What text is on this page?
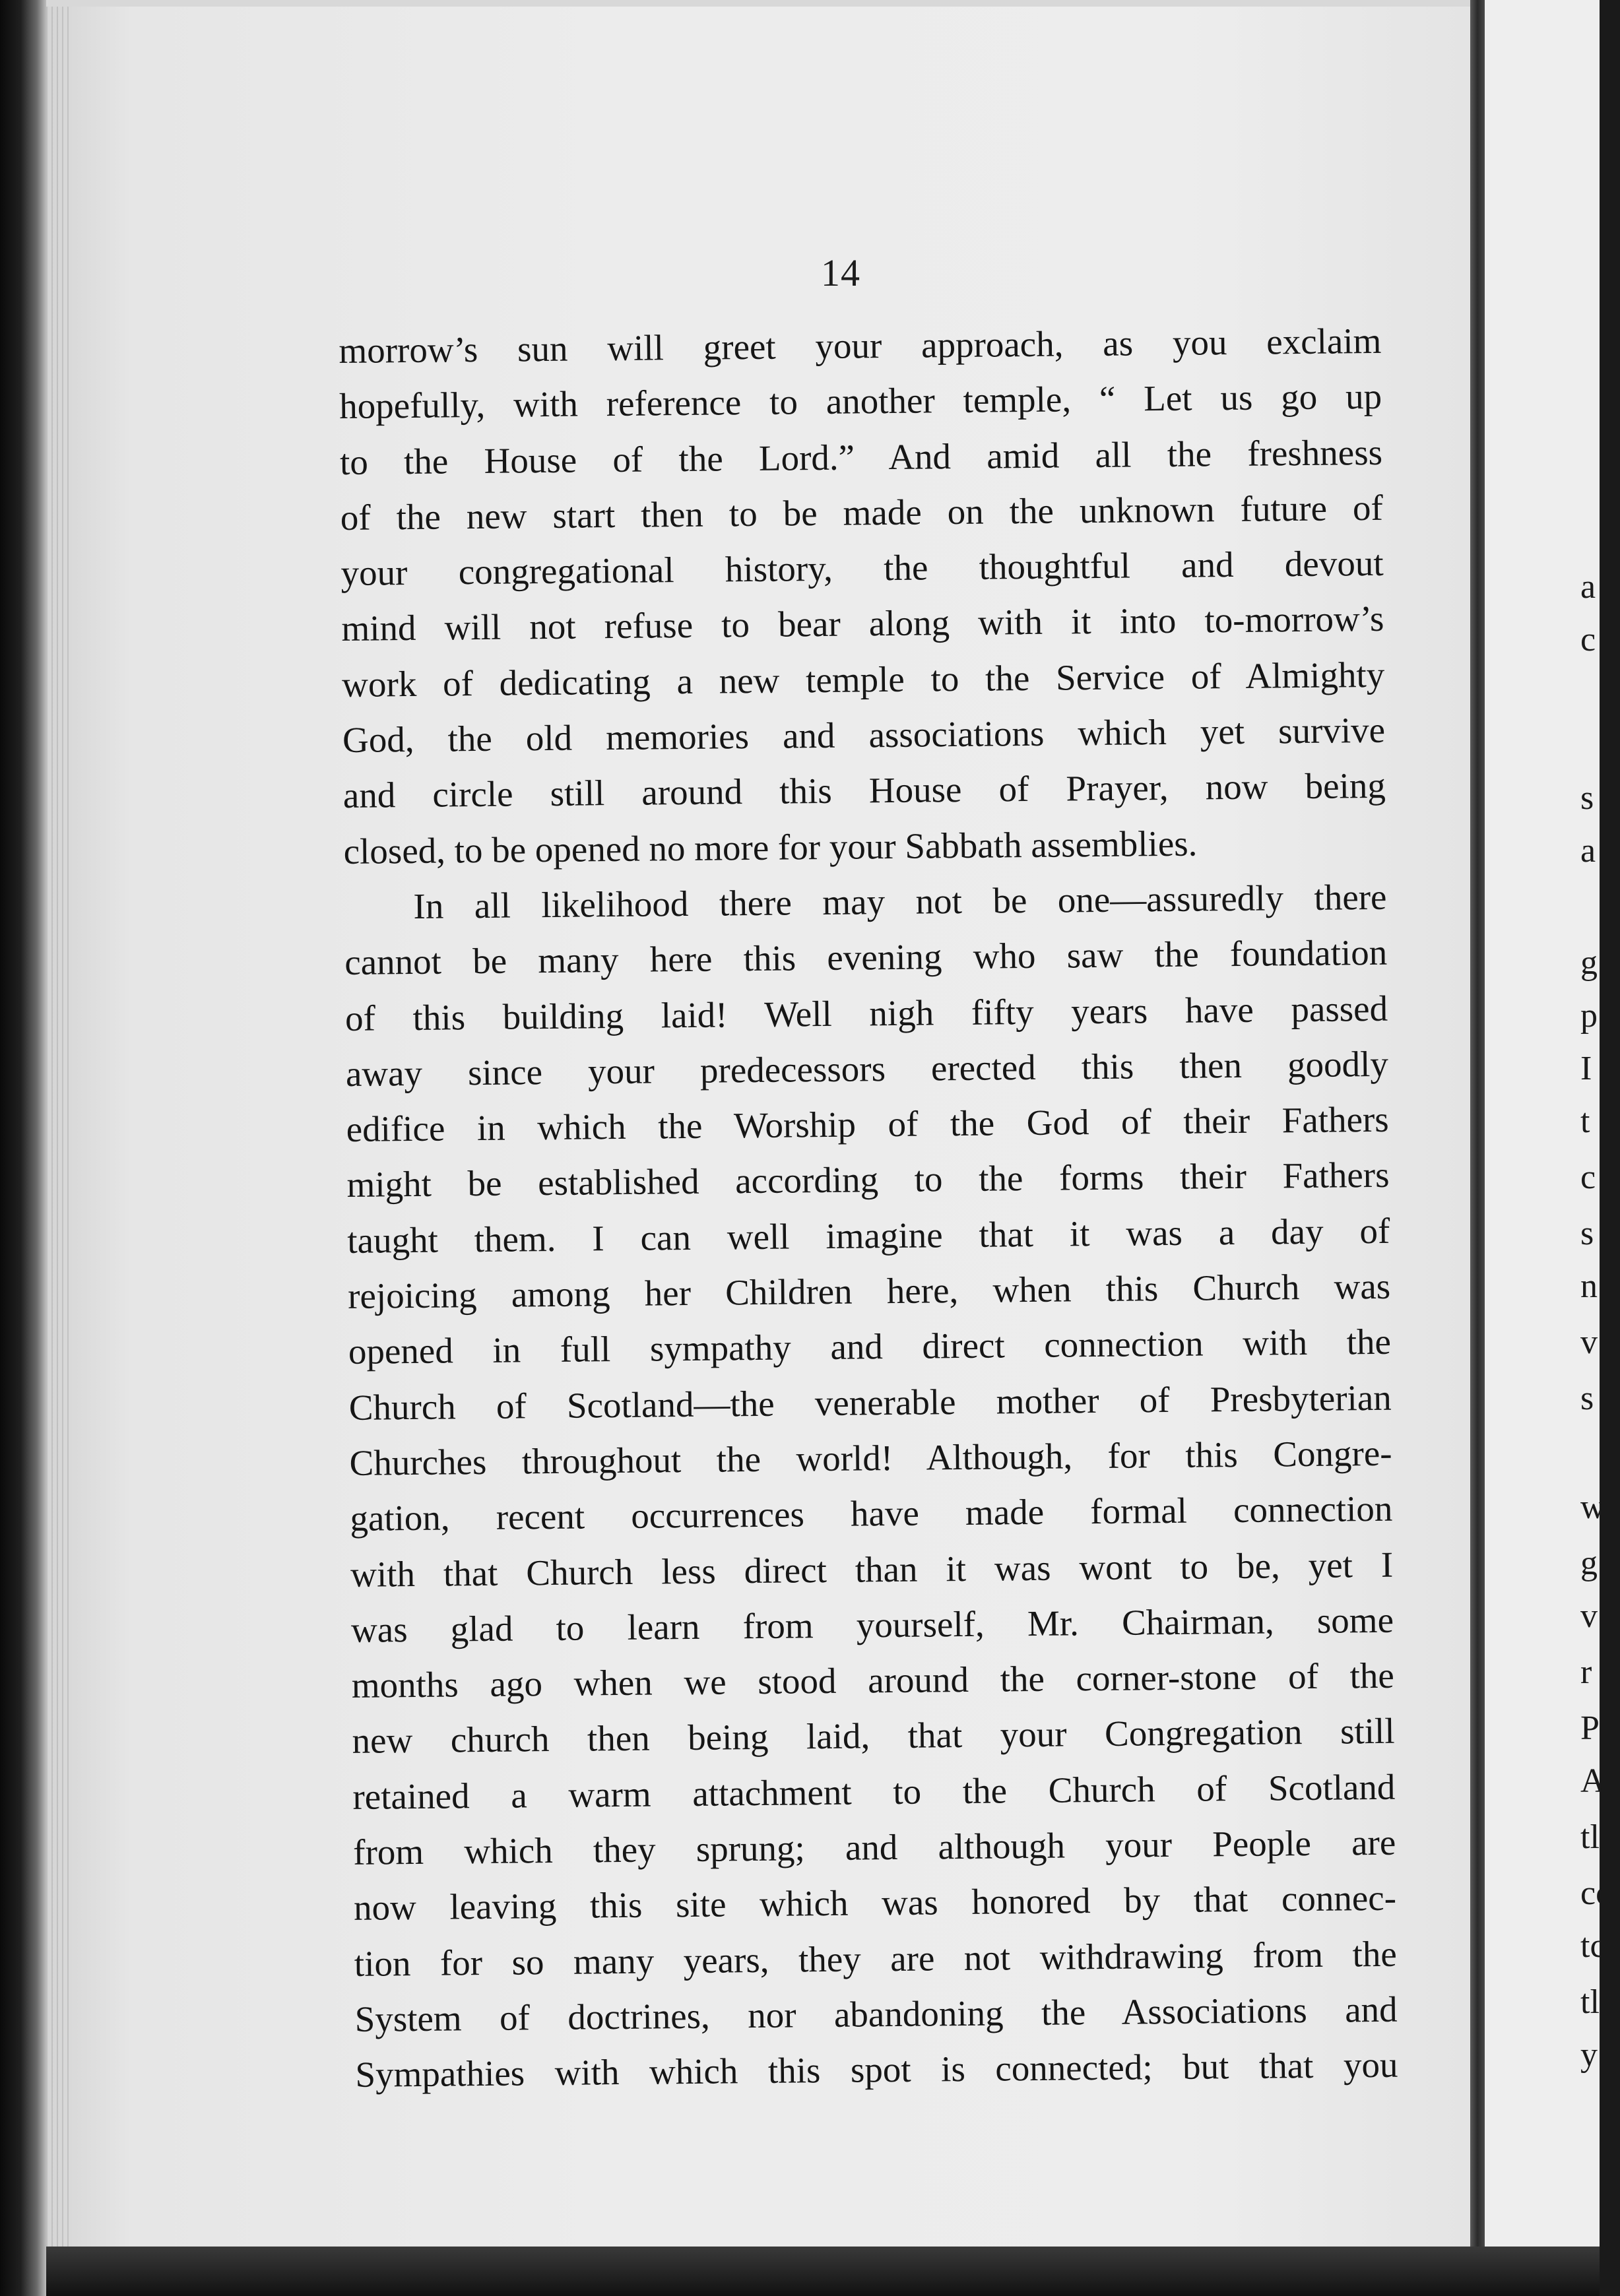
14
morrow’s sun will greet your approach, as you exclaim
hopefully, with reference to another temple, “ Let us go up
to the House of the Lord.” And amid all the freshness
of the new start then to be made on the unknown future of
your congregational history, the thoughtful and devout
mind will not refuse to bear along with it into to-morrow’s
work of dedicating a new temple to the Service of Almighty
God, the old memories and associations which yet survive
and circle still around this House of Prayer, now being
closed, to be opened no more for your Sabbath assemblies.
In all likelihood there may not be one—assuredly there
cannot be many here this evening who saw the foundation
of this building laid! Well nigh fifty years have passed
away since your predecessors erected this then goodly
edifice in which the Worship of the God of their Fathers
might be established according to the forms their Fathers
taught them. I can well imagine that it was a day of
rejoicing among her Children here, when this Church was
opened in full sympathy and direct connection with the
Church of Scotland—the venerable mother of Presbyterian
Churches throughout the world! Although, for this Congre-
gation, recent occurrences have made formal connection
with that Church less direct than it was wont to be, yet I
was glad to learn from yourself, Mr. Chairman, some
months ago when we stood around the corner-stone of the
new church then being laid, that your Congregation still
retained a warm attachment to the Church of Scotland
from which they sprung; and although your People are
now leaving this site which was honored by that connec-
tion for so many years, they are not withdrawing from the
System of doctrines, nor abandoning the Associations and
Sympathies with which this spot is connected; but that you
a
c
s
a
g
p
I
t
c
s
n
v
s
w
g
v
r
P
A
tl
cc
tc
tl
y
